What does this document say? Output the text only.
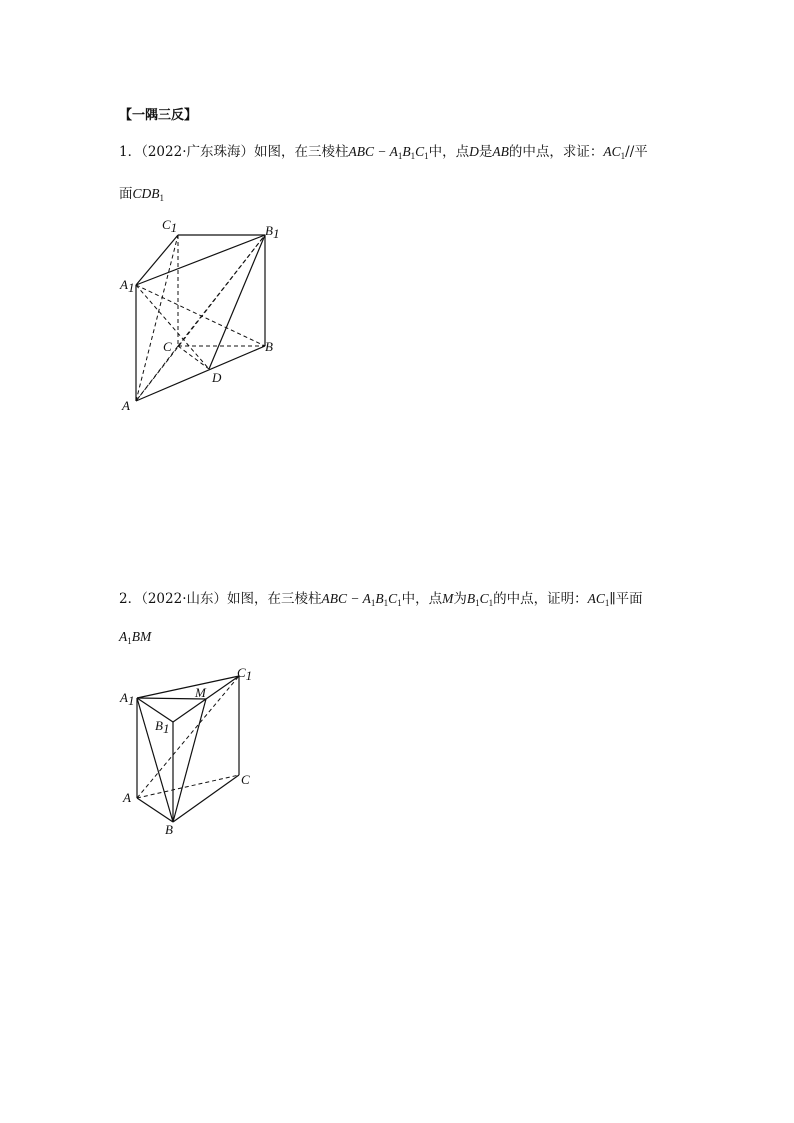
【一隅三反】
1．（2022·广东珠海）如图，在三棱柱ABC − $A_1B_1C_1$中，点D是AB的中点，求证：$AC_1//$平
面$CDB_1$
C1	B1
A1
C	B
D
A
2．（2022·山东）如图，在三棱柱ABC − $A_1B_1C_1$中，点M为$B_1C_1$的中点，证明：$AC_1\parallel$平面
$A_1BM$
A1
M
C1
B1
C
A
B
